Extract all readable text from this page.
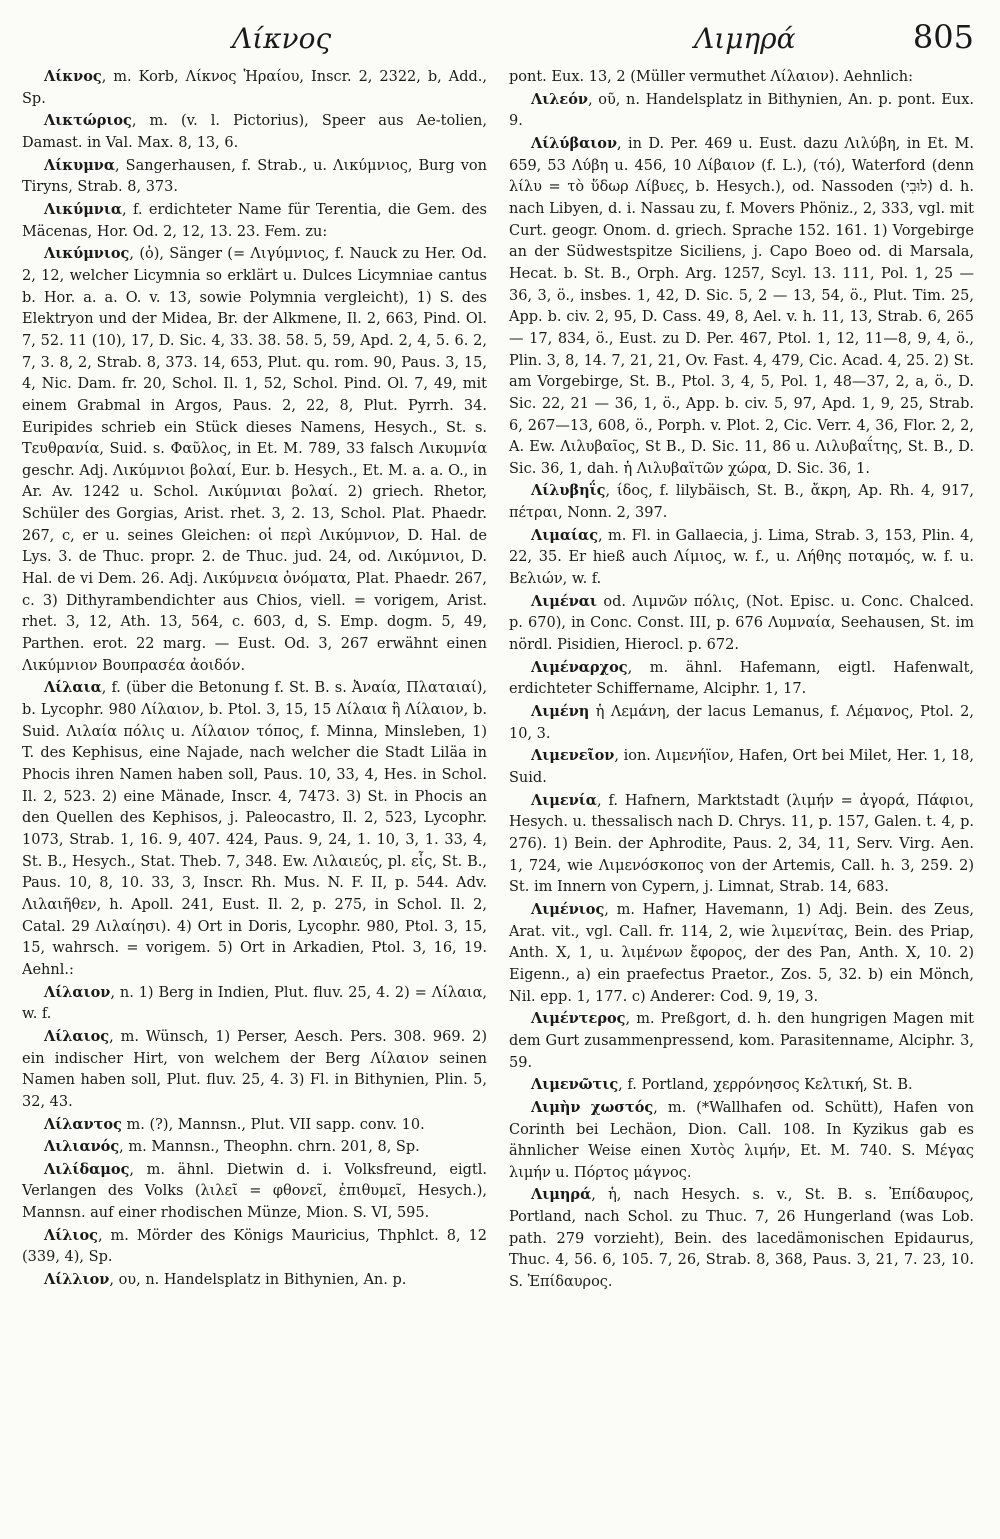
Λίκνος	Λιμηρά	805

Λίκνος, m. Korb, Λίκνος Ἡραίου, Inscr. 2, 2322, b, Add., Sp.

Λικτώριος, m. (v. l. Pictorius), Speer aus Ae-tolien, Damast. in Val. Max. 8, 13, 6.

Λίκυμνα, Sangerhausen, f. Strab., u. Λικύμνιος, Burg von Tiryns, Strab. 8, 373.

Λικύμνια, f. erdichteter Name für Terentia, die Gem. des Mäcenas, Hor. Od. 2, 12, 13. 23. Fem. zu:

Λικύμνιος, (ὁ), Sänger (= Λιγύμνιος, f. Nauck zu Her. Od. 2, 12, welcher Licymnia so erklärt u. Dulces Licymniae cantus b. Hor. a. a. O. v. 13, sowie Polymnia vergleicht), 1) S. des Elektryon und der Midea, Br. der Alkmene, Il. 2, 663, Pind. Ol. 7, 52. 11 (10), 17, D. Sic. 4, 33. 38. 58. 5, 59, Apd. 2, 4, 5. 6. 2, 7, 3. 8, 2, Strab. 8, 373. 14, 653, Plut. qu. rom. 90, Paus. 3, 15, 4, Nic. Dam. fr. 20, Schol. Il. 1, 52, Schol. Pind. Ol. 7, 49, mit einem Grabmal in Argos, Paus. 2, 22, 8, Plut. Pyrrh. 34. Euripides schrieb ein Stück dieses Namens, Hesych., St. s. Τευθρανία, Suid. s. Φαῦλος, in Et. M. 789, 33 falsch Λικυμνία geschr. Adj. Λικύμνιοι βολαί, Eur. b. Hesych., Et. M. a. a. O., in Ar. Av. 1242 u. Schol. Λικύμνιαι βολαί. 2) griech. Rhetor, Schüler des Gorgias, Arist. rhet. 3, 2. 13, Schol. Plat. Phaedr. 267, c, er u. seines Gleichen: οἱ περὶ Λικύμνιον, D. Hal. de Lys. 3. de Thuc. propr. 2. de Thuc. jud. 24, od. Λικύμνιοι, D. Hal. de vi Dem. 26. Adj. Λικύμνεια ὀνόματα, Plat. Phaedr. 267, c. 3) Dithyrambendichter aus Chios, viell. = vorigem, Arist. rhet. 3, 12, Ath. 13, 564, c. 603, d, S. Emp. dogm. 5, 49, Parthen. erot. 22 marg. — Eust. Od. 3, 267 erwähnt einen Λικύμνιον Βουπρασέα ἀοιδόν.

Λίλαια, f. (über die Betonung f. St. B. s. Ἀναία, Πλαταιαί), b. Lycophr. 980 Λίλαιον, b. Ptol. 3, 15, 15 Λίλαια ἢ Λίλαιον, b. Suid. Λιλαία πόλις u. Λίλαιον τόπος, f. Minna, Minsleben, 1) T. des Kephisus, eine Najade, nach welcher die Stadt Liläa in Phocis ihren Namen haben soll, Paus. 10, 33, 4, Hes. in Schol. Il. 2, 523. 2) eine Mänade, Inscr. 4, 7473. 3) St. in Phocis an den Quellen des Kephisos, j. Paleocastro, Il. 2, 523, Lycophr. 1073, Strab. 1, 16. 9, 407. 424, Paus. 9, 24, 1. 10, 3, 1. 33, 4, St. B., Hesych., Stat. Theb. 7, 348. Ew. Λιλαιεύς, pl. εἷς, St. B., Paus. 10, 8, 10. 33, 3, Inscr. Rh. Mus. N. F. II, p. 544. Adv. Λιλαιῆθεν, h. Apoll. 241, Eust. Il. 2, p. 275, in Schol. Il. 2, Catal. 29 Λιλαίησι). 4) Ort in Doris, Lycophr. 980, Ptol. 3, 15, 15, wahrsch. = vorigem. 5) Ort in Arkadien, Ptol. 3, 16, 19. Aehnl.:

Λίλαιον, n. 1) Berg in Indien, Plut. fluv. 25, 4. 2) = Λίλαια, w. f.

Λίλαιος, m. Wünsch, 1) Perser, Aesch. Pers. 308. 969. 2) ein indischer Hirt, von welchem der Berg Λίλαιον seinen Namen haben soll, Plut. fluv. 25, 4. 3) Fl. in Bithynien, Plin. 5, 32, 43.

Λίλαντος m. (?), Mannsn., Plut. VII sapp. conv. 10.

Λιλιανός, m. Mannsn., Theophn. chrn. 201, 8, Sp.

Λιλίδαμος, m. ähnl. Dietwin d. i. Volksfreund, eigtl. Verlangen des Volks (λιλεῖ = φθονεῖ, ἐπιθυμεῖ, Hesych.), Mannsn. auf einer rhodischen Münze, Mion. S. VI, 595.

Λίλιος, m. Mörder des Königs Mauricius, Thphlct. 8, 12 (339, 4), Sp.

Λίλλιον, ου, n. Handelsplatz in Bithynien, An. p.

pont. Eux. 13, 2 (Müller vermuthet Λίλαιον). Aehnlich:

Λιλεόν, οῦ, n. Handelsplatz in Bithynien, An. p. pont. Eux. 9.

Λίλύβαιον, in D. Per. 469 u. Eust. dazu Λιλύβη, in Et. M. 659, 53 Λύβη u. 456, 10 Λίβαιον (f. L.), (τό), Waterford (denn λίλυ = τὸ ὕδωρ Λίβυες, b. Hesych.), od. Nassoden (לוּבִי) d. h. nach Libyen, d. i. Nassau zu, f. Movers Phöniz., 2, 333, vgl. mit Curt. geogr. Onom. d. griech. Sprache 152. 161. 1) Vorgebirge an der Südwestspitze Siciliens, j. Capo Boeo od. di Marsala, Hecat. b. St. B., Orph. Arg. 1257, Scyl. 13. 111, Pol. 1, 25 — 36, 3, ö., insbes. 1, 42, D. Sic. 5, 2 — 13, 54, ö., Plut. Tim. 25, App. b. civ. 2, 95, D. Cass. 49, 8, Ael. v. h. 11, 13, Strab. 6, 265 — 17, 834, ö., Eust. zu D. Per. 467, Ptol. 1, 12, 11—8, 9, 4, ö., Plin. 3, 8, 14. 7, 21, 21, Ov. Fast. 4, 479, Cic. Acad. 4, 25. 2) St. am Vorgebirge, St. B., Ptol. 3, 4, 5, Pol. 1, 48—37, 2, a, ö., D. Sic. 22, 21 — 36, 1, ö., App. b. civ. 5, 97, Apd. 1, 9, 25, Strab. 6, 267—13, 608, ö., Porph. v. Plot. 2, Cic. Verr. 4, 36, Flor. 2, 2, A. Ew. Λιλυβαῖος, St B., D. Sic. 11, 86 u. Λιλυβαΐτης, St. B., D. Sic. 36, 1, dah. ἡ Λιλυβαϊτῶν χώρα, D. Sic. 36, 1.

Λίλυβηΐς, ίδος, f. lilybäisch, St. B., ἄκρη, Ap. Rh. 4, 917, πέτραι, Nonn. 2, 397.

Λιμαίας, m. Fl. in Gallaecia, j. Lima, Strab. 3, 153, Plin. 4, 22, 35. Er hieß auch Λίμιος, w. f., u. Λήθης ποταμός, w. f. u. Βελιών, w. f.

Λιμέναι od. Λιμνῶν πόλις, (Not. Episc. u. Conc. Chalced. p. 670), in Conc. Const. III, p. 676 Λυμναία, Seehausen, St. im nördl. Pisidien, Hierocl. p. 672.

Λιμέναρχος, m. ähnl. Hafemann, eigtl. Hafenwalt, erdichteter Schiffername, Alciphr. 1, 17.

Λιμένη ἡ Λεμάνη, der lacus Lemanus, f. Λέμανος, Ptol. 2, 10, 3.

Λιμενεῖον, ion. Λιμενήϊον, Hafen, Ort bei Milet, Her. 1, 18, Suid.

Λιμενία, f. Hafnern, Marktstadt (λιμήν = ἀγορά, Πάφιοι, Hesych. u. thessalisch nach D. Chrys. 11, p. 157, Galen. t. 4, p. 276). 1) Bein. der Aphrodite, Paus. 2, 34, 11, Serv. Virg. Aen. 1, 724, wie Λιμενόσκοπος von der Artemis, Call. h. 3, 259. 2) St. im Innern von Cypern, j. Limnat, Strab. 14, 683.

Λιμένιος, m. Hafner, Havemann, 1) Adj. Bein. des Zeus, Arat. vit., vgl. Call. fr. 114, 2, wie λιμενίτας, Bein. des Priap, Anth. X, 1, u. λιμένων ἔφορος, der des Pan, Anth. X, 10. 2) Eigenn., a) ein praefectus Praetor., Zos. 5, 32. b) ein Mönch, Nil. epp. 1, 177. c) Anderer: Cod. 9, 19, 3.

Λιμέντερος, m. Preßgort, d. h. den hungrigen Magen mit dem Gurt zusammenpressend, kom. Parasitenname, Alciphr. 3, 59.

Λιμενῶτις, f. Portland, χερρόνησος Κελτική, St. B.

Λιμὴν χωστός, m. (*Wallhafen od. Schütt), Hafen von Corinth bei Lechäon, Dion. Call. 108. In Kyzikus gab es ähnlicher Weise einen Χυτὸς λιμήν, Et. M. 740. S. Μέγας λιμήν u. Πόρτος μάγνος.

Λιμηρά, ἡ, nach Hesych. s. v., St. B. s. Ἐπίδαυρος, Portland, nach Schol. zu Thuc. 7, 26 Hungerland (was Lob. path. 279 vorzieht), Bein. des lacedämonischen Epidaurus, Thuc. 4, 56. 6, 105. 7, 26, Strab. 8, 368, Paus. 3, 21, 7. 23, 10. S. Ἐπίδαυρος.
